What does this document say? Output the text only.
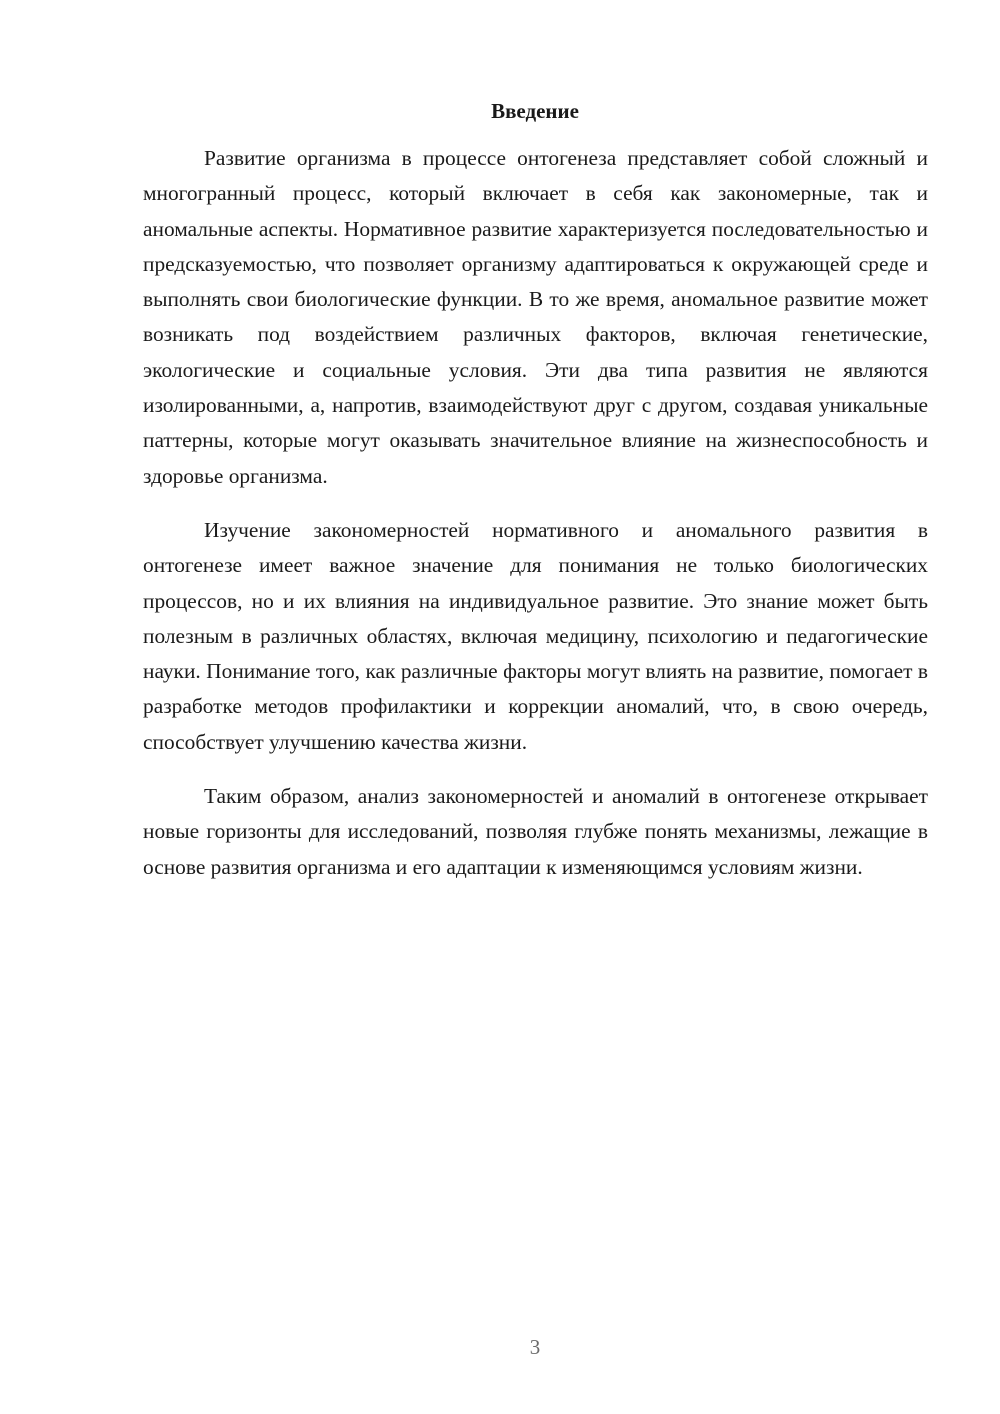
Введение

Развитие организма в процессе онтогенеза представляет собой сложный и многогранный процесс, который включает в себя как закономерные, так и аномальные аспекты. Нормативное развитие характеризуется последовательностью и предсказуемостью, что позволяет организму адаптироваться к окружающей среде и выполнять свои биологические функции. В то же время, аномальное развитие может возникать под воздействием различных факторов, включая генетические, экологические и социальные условия. Эти два типа развития не являются изолированными, а, напротив, взаимодействуют друг с другом, создавая уникальные паттерны, которые могут оказывать значительное влияние на жизнеспособность и здоровье организма.

Изучение закономерностей нормативного и аномального развития в онтогенезе имеет важное значение для понимания не только биологических процессов, но и их влияния на индивидуальное развитие. Это знание может быть полезным в различных областях, включая медицину, психологию и педагогические науки. Понимание того, как различные факторы могут влиять на развитие, помогает в разработке методов профилактики и коррекции аномалий, что, в свою очередь, способствует улучшению качества жизни.

Таким образом, анализ закономерностей и аномалий в онтогенезе открывает новые горизонты для исследований, позволяя глубже понять механизмы, лежащие в основе развития организма и его адаптации к изменяющимся условиям жизни.

3
